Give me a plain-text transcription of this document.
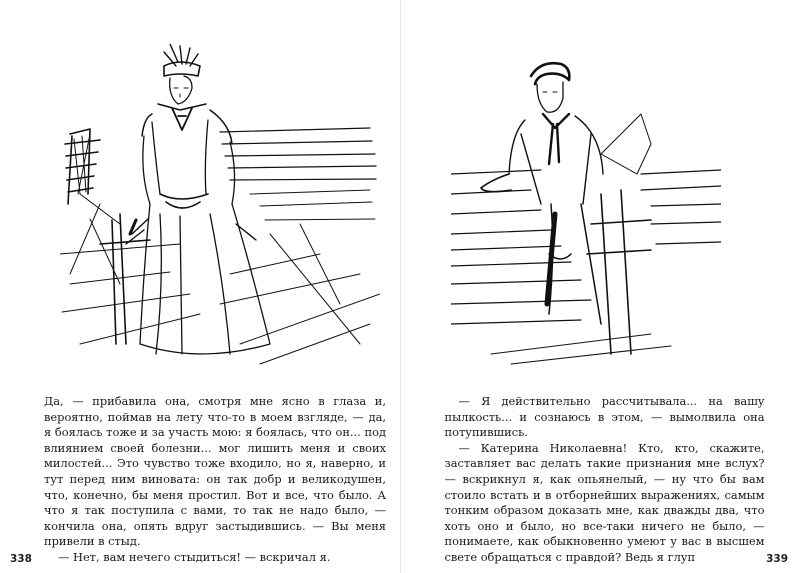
Да, — прибавила она, смотря мне ясно в глаза и, вероятно, поймав на лету что-то в моем взгляде, — да, я боялась тоже и за участь мою: я боялась, что он... под влиянием своей болезни... мог лишить меня и своих милостей... Это чувство тоже входило, но я, наверно, и тут перед ним виновата: он так добр и великодушен, что, конечно, бы меня простил. Вот и все, что было. А что я так поступила с вами, то так не надо было, — кончила она, опять вдруг застыдившись. — Вы меня привели в стыд.

— Нет, вам нечего стыдиться! — вскричал я.

338

— Я действительно рассчитывала... на вашу пылкость... и сознаюсь в этом, — вымолвила она потупившись.

— Катерина Николаевна! Кто, кто, скажите, заставляет вас делать такие признания мне вслух? — вскрикнул я, как опьянелый, — ну что бы вам стоило встать и в отборнейших выражениях, самым тонким образом доказать мне, как дважды два, что хоть оно и было, но все-таки ничего не было, — понимаете, как обыкновенно умеют у вас в высшем свете обращаться с правдой? Ведь я глуп	339
